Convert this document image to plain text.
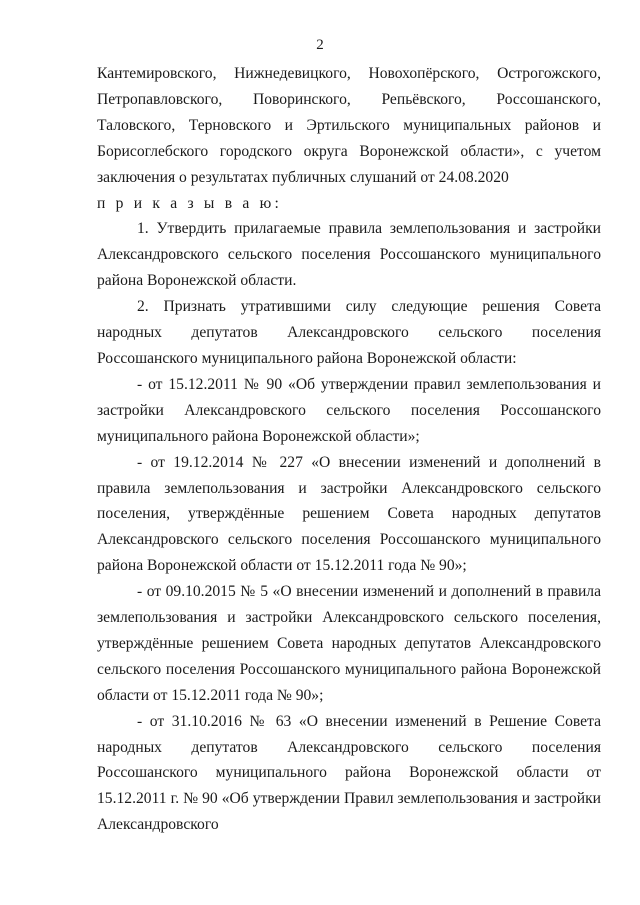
2

Кантемировского, Нижнедевицкого, Новохопёрского, Острогожского, Петропавловского, Поворинского, Репьёвского, Россошанского, Таловского, Терновского и Эртильского муниципальных районов и Борисоглебского городского округа Воронежской области», с учетом заключения о результатах публичных слушаний от 24.08.2020

п р и к а з ы в а ю:

1. Утвердить прилагаемые правила землепользования и застройки Александровского сельского поселения Россошанского муниципального района Воронежской области.

2. Признать утратившими силу следующие решения Совета народных депутатов Александровского сельского поселения Россошанского муниципального района Воронежской области:

- от 15.12.2011 № 90 «Об утверждении правил землепользования и застройки Александровского сельского поселения Россошанского муниципального района Воронежской области»;

- от 19.12.2014 № 227 «О внесении изменений и дополнений в правила землепользования и застройки Александровского сельского поселения, утверждённые решением Совета народных депутатов Александровского сельского поселения Россошанского муниципального района Воронежской области от 15.12.2011 года № 90»;

- от 09.10.2015 № 5 «О внесении изменений и дополнений в правила землепользования и застройки Александровского сельского поселения, утверждённые решением Совета народных депутатов Александровского сельского поселения Россошанского муниципального района Воронежской области от 15.12.2011 года № 90»;

- от 31.10.2016 № 63 «О внесении изменений в Решение Совета народных депутатов Александровского сельского поселения Россошанского муниципального района Воронежской области от 15.12.2011 г. № 90 «Об утверждении Правил землепользования и застройки Александровского
